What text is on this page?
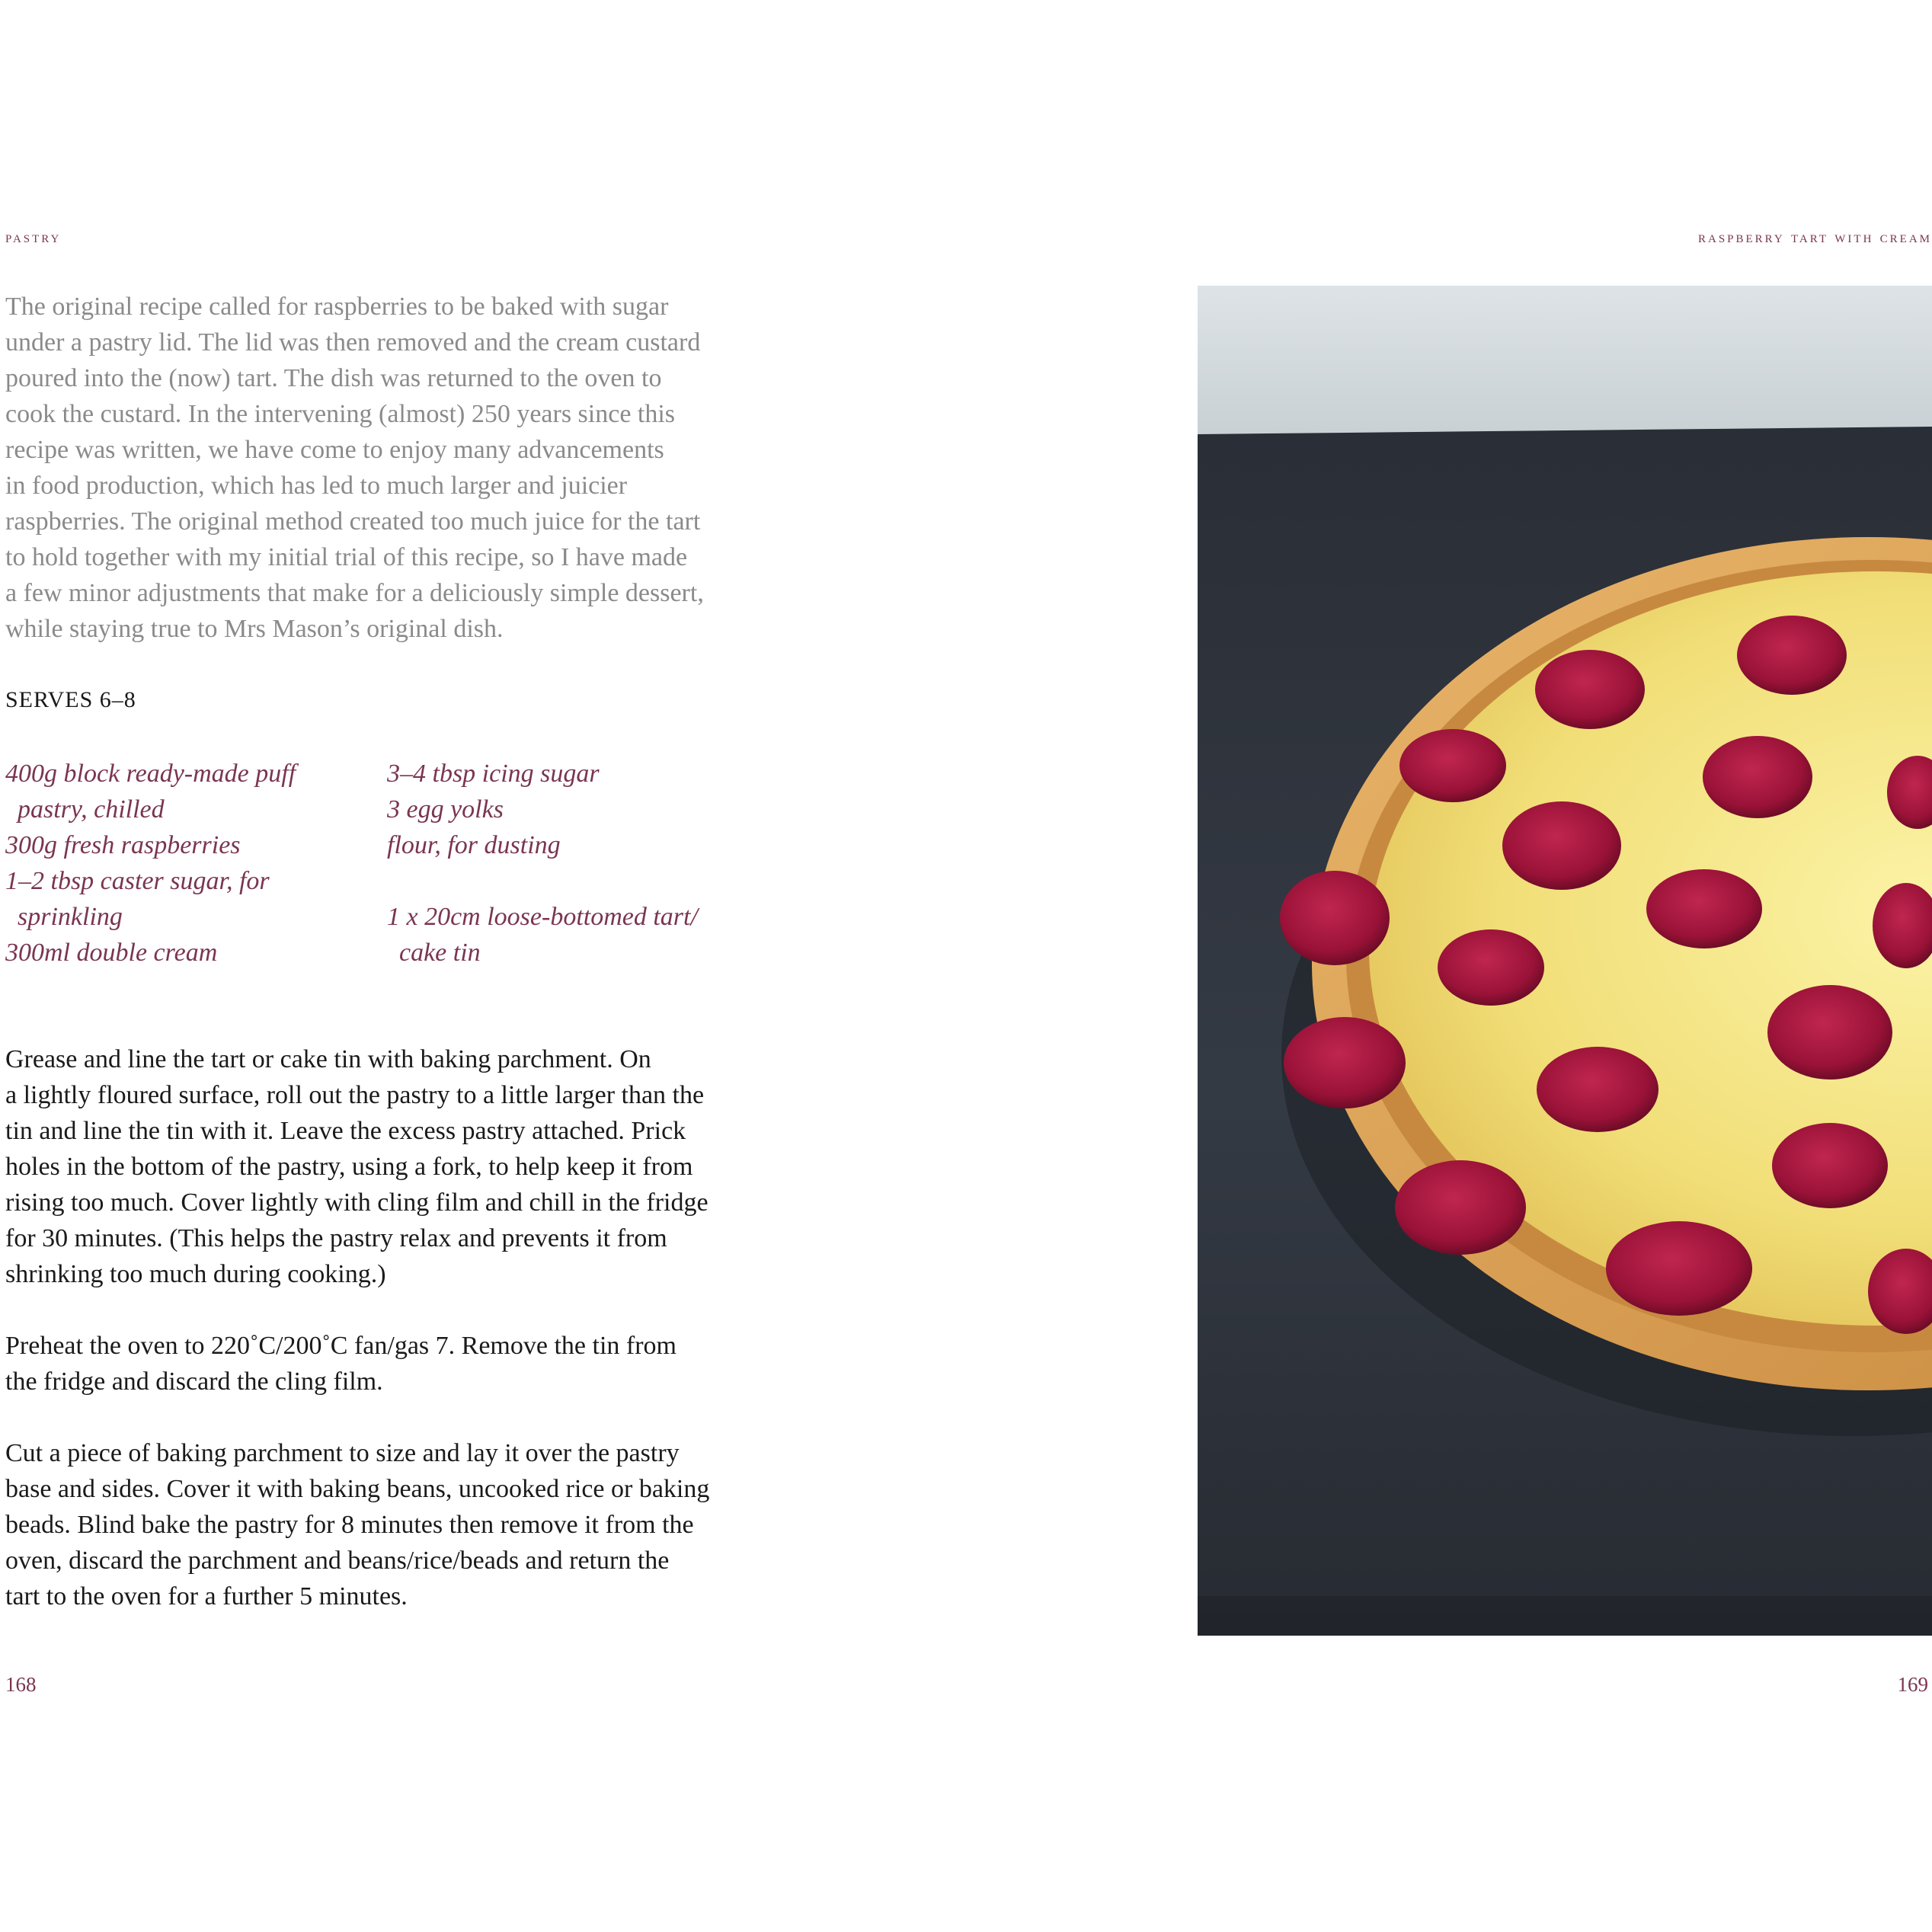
pastry	raspberry tart with cream

The original recipe called for raspberries to be baked with sugar
under a pastry lid. The lid was then removed and the cream custard
poured into the (now) tart. The dish was returned to the oven to
cook the custard. In the intervening (almost) 250 years since this
recipe was written, we have come to enjoy many advancements
in food production, which has led to much larger and juicier
raspberries. The original method created too much juice for the tart
to hold together with my initial trial of this recipe, so I have made
a few minor adjustments that make for a deliciously simple dessert,
while staying true to Mrs Mason’s original dish.

SERVES 6–8
400g block ready-made puff
pastry, chilled
300g fresh raspberries
1–2 tbsp caster sugar, for
sprinkling
300ml double cream
3–4 tbsp icing sugar
3 egg yolks
flour, for dusting
1 x 20cm loose-bottomed tart/
cake tin

Grease and line the tart or cake tin with baking parchment. On
a lightly floured surface, roll out the pastry to a little larger than the
tin and line the tin with it. Leave the excess pastry attached. Prick
holes in the bottom of the pastry, using a fork, to help keep it from
rising too much. Cover lightly with cling film and chill in the fridge
for 30 minutes. (This helps the pastry relax and prevents it from
shrinking too much during cooking.)

Preheat the oven to 220˚C/200˚C fan/gas 7. Remove the tin from
the fridge and discard the cling film.

Cut a piece of baking parchment to size and lay it over the pastry
base and sides. Cover it with baking beans, uncooked rice or baking
beads. Blind bake the pastry for 8 minutes then remove it from the
oven, discard the parchment and beans/rice/beads and return the
tart to the oven for a further 5 minutes.

168	169
